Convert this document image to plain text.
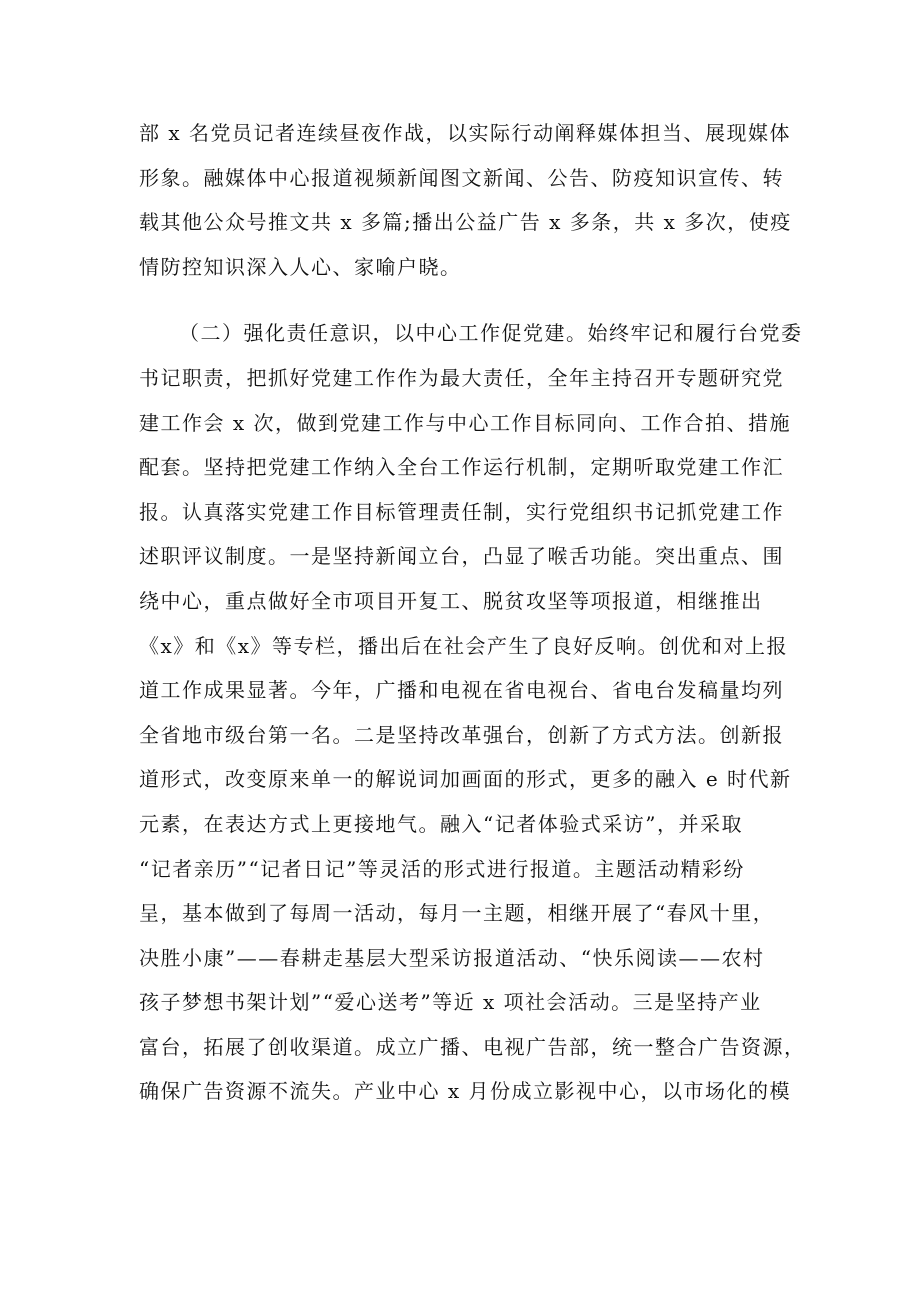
部 x 名党员记者连续昼夜作战，以实际行动阐释媒体担当、展现媒体
形象。融媒体中心报道视频新闻图文新闻、公告、防疫知识宣传、转
载其他公众号推文共 x 多篇;播出公益广告 x 多条，共 x 多次，使疫
情防控知识深入人心、家喻户晓。
（二）强化责任意识，以中心工作促党建。始终牢记和履行台党委
书记职责，把抓好党建工作作为最大责任，全年主持召开专题研究党
建工作会 x 次，做到党建工作与中心工作目标同向、工作合拍、措施
配套。坚持把党建工作纳入全台工作运行机制，定期听取党建工作汇
报。认真落实党建工作目标管理责任制，实行党组织书记抓党建工作
述职评议制度。一是坚持新闻立台，凸显了喉舌功能。突出重点、围
绕中心，重点做好全市项目开复工、脱贫攻坚等项报道，相继推出
《x》和《x》等专栏，播出后在社会产生了良好反响。创优和对上报
道工作成果显著。今年，广播和电视在省电视台、省电台发稿量均列
全省地市级台第一名。二是坚持改革强台，创新了方式方法。创新报
道形式，改变原来单一的解说词加画面的形式，更多的融入 e 时代新
元素，在表达方式上更接地气。融入“记者体验式采访”，并采取
“记者亲历”“记者日记”等灵活的形式进行报道。主题活动精彩纷
呈，基本做到了每周一活动，每月一主题，相继开展了“春风十里，
决胜小康”——春耕走基层大型采访报道活动、“快乐阅读——农村
孩子梦想书架计划”“爱心送考”等近 x 项社会活动。三是坚持产业
富台，拓展了创收渠道。成立广播、电视广告部，统一整合广告资源，
确保广告资源不流失。产业中心 x 月份成立影视中心，以市场化的模
